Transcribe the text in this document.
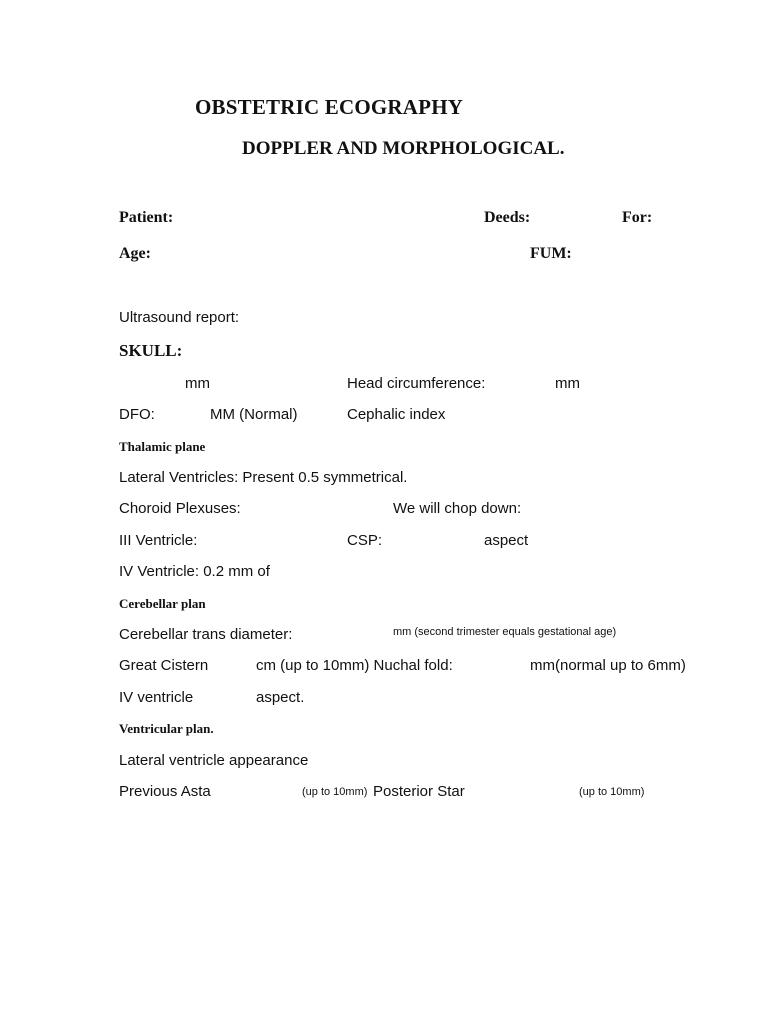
OBSTETRIC ECOGRAPHY
DOPPLER AND MORPHOLOGICAL.
Patient:	Deeds:	For:
Age:	FUM:
Ultrasound report:
SKULL:
mm	Head circumference:	mm
DFO:	MM (Normal)	Cephalic index
Thalamic plane
Lateral Ventricles: Present 0.5 symmetrical.
Choroid Plexuses:	We will chop down:
III Ventricle:	CSP:	aspect
IV Ventricle: 0.2 mm of
Cerebellar plan
Cerebellar trans diameter:	mm (second trimester equals gestational age)
Great Cistern	cm (up to 10mm) Nuchal fold:	mm(normal up to 6mm)
IV ventricle	aspect.
Ventricular plan.
Lateral ventricle appearance
Previous Asta	(up to 10mm) Posterior Star	(up to 10mm)
